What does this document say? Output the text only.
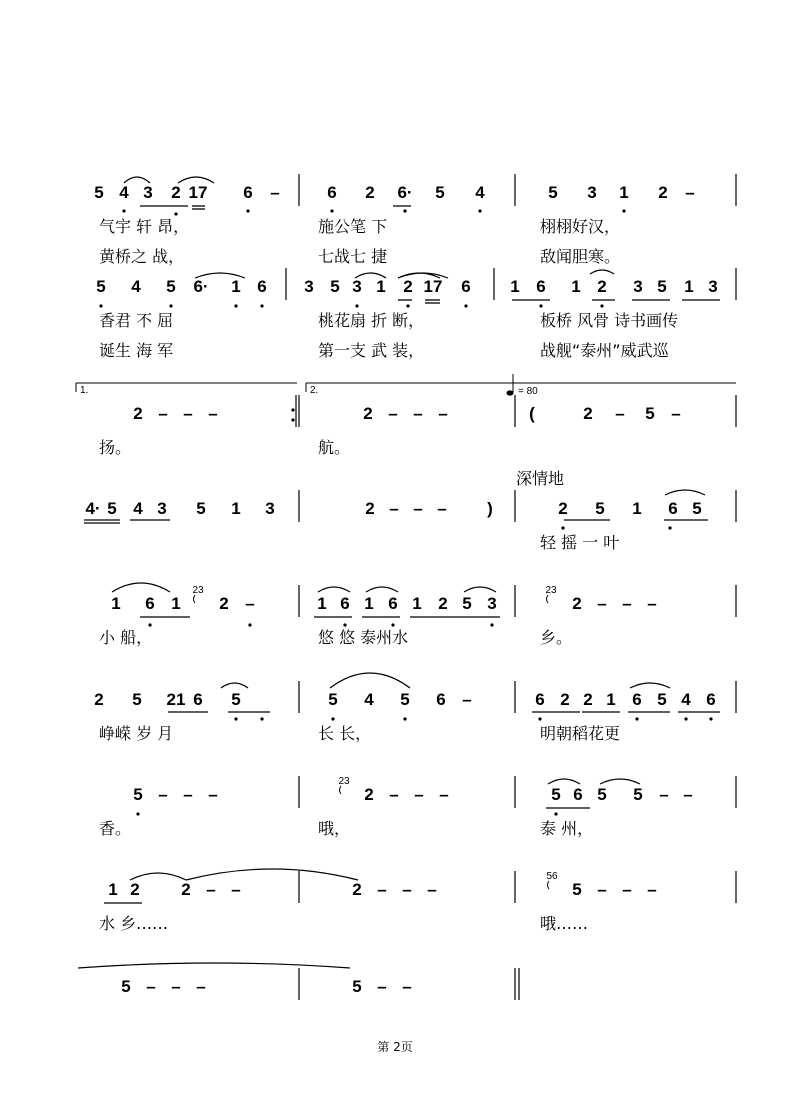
5 4 3 2 17 6 –	6 2 6· 5 4	5 3 1 2 –
气宇 轩 昂，	施公笔 下	栩栩好汉，
黄桥之 战，	七战七 捷	敌闻胆寒。
5 4 5 6· 1 6 3 5 3 1 2 17 6 1 6 1 2 3 5 1 3
香君 不 屈	桃花扇 折 断，	板桥 风骨 诗书画传
诞生 海 军	第一支 武 装，	战舰“泰州”威武巡
2 – – –	2 – – –	(	2 – 5 –
扬。	航。
4· 5 4 3 5 1 3	2 – – – )	2 5 1 6 5
轻 摇 一 叶
1 6 1
23
2 –	1 6 1 6 1 2 5 3
23
2 – – –
小 船，	悠 悠 泰州水	乡。
2 5 21 6 5	5 4 5 6 –	6 2 2 1 6 5 4 6
峥嵘 岁 月	长 长，	明朝稻花更
5 – – –
23
2 – – –	5 6 5 5 – –
香。	哦，	泰 州，
1 2 2 – –	2 – – –
56
5 – – –
水 乡……	哦……
5 – – –	5 – –
1.	2.	= 80
深情地
第 2页
